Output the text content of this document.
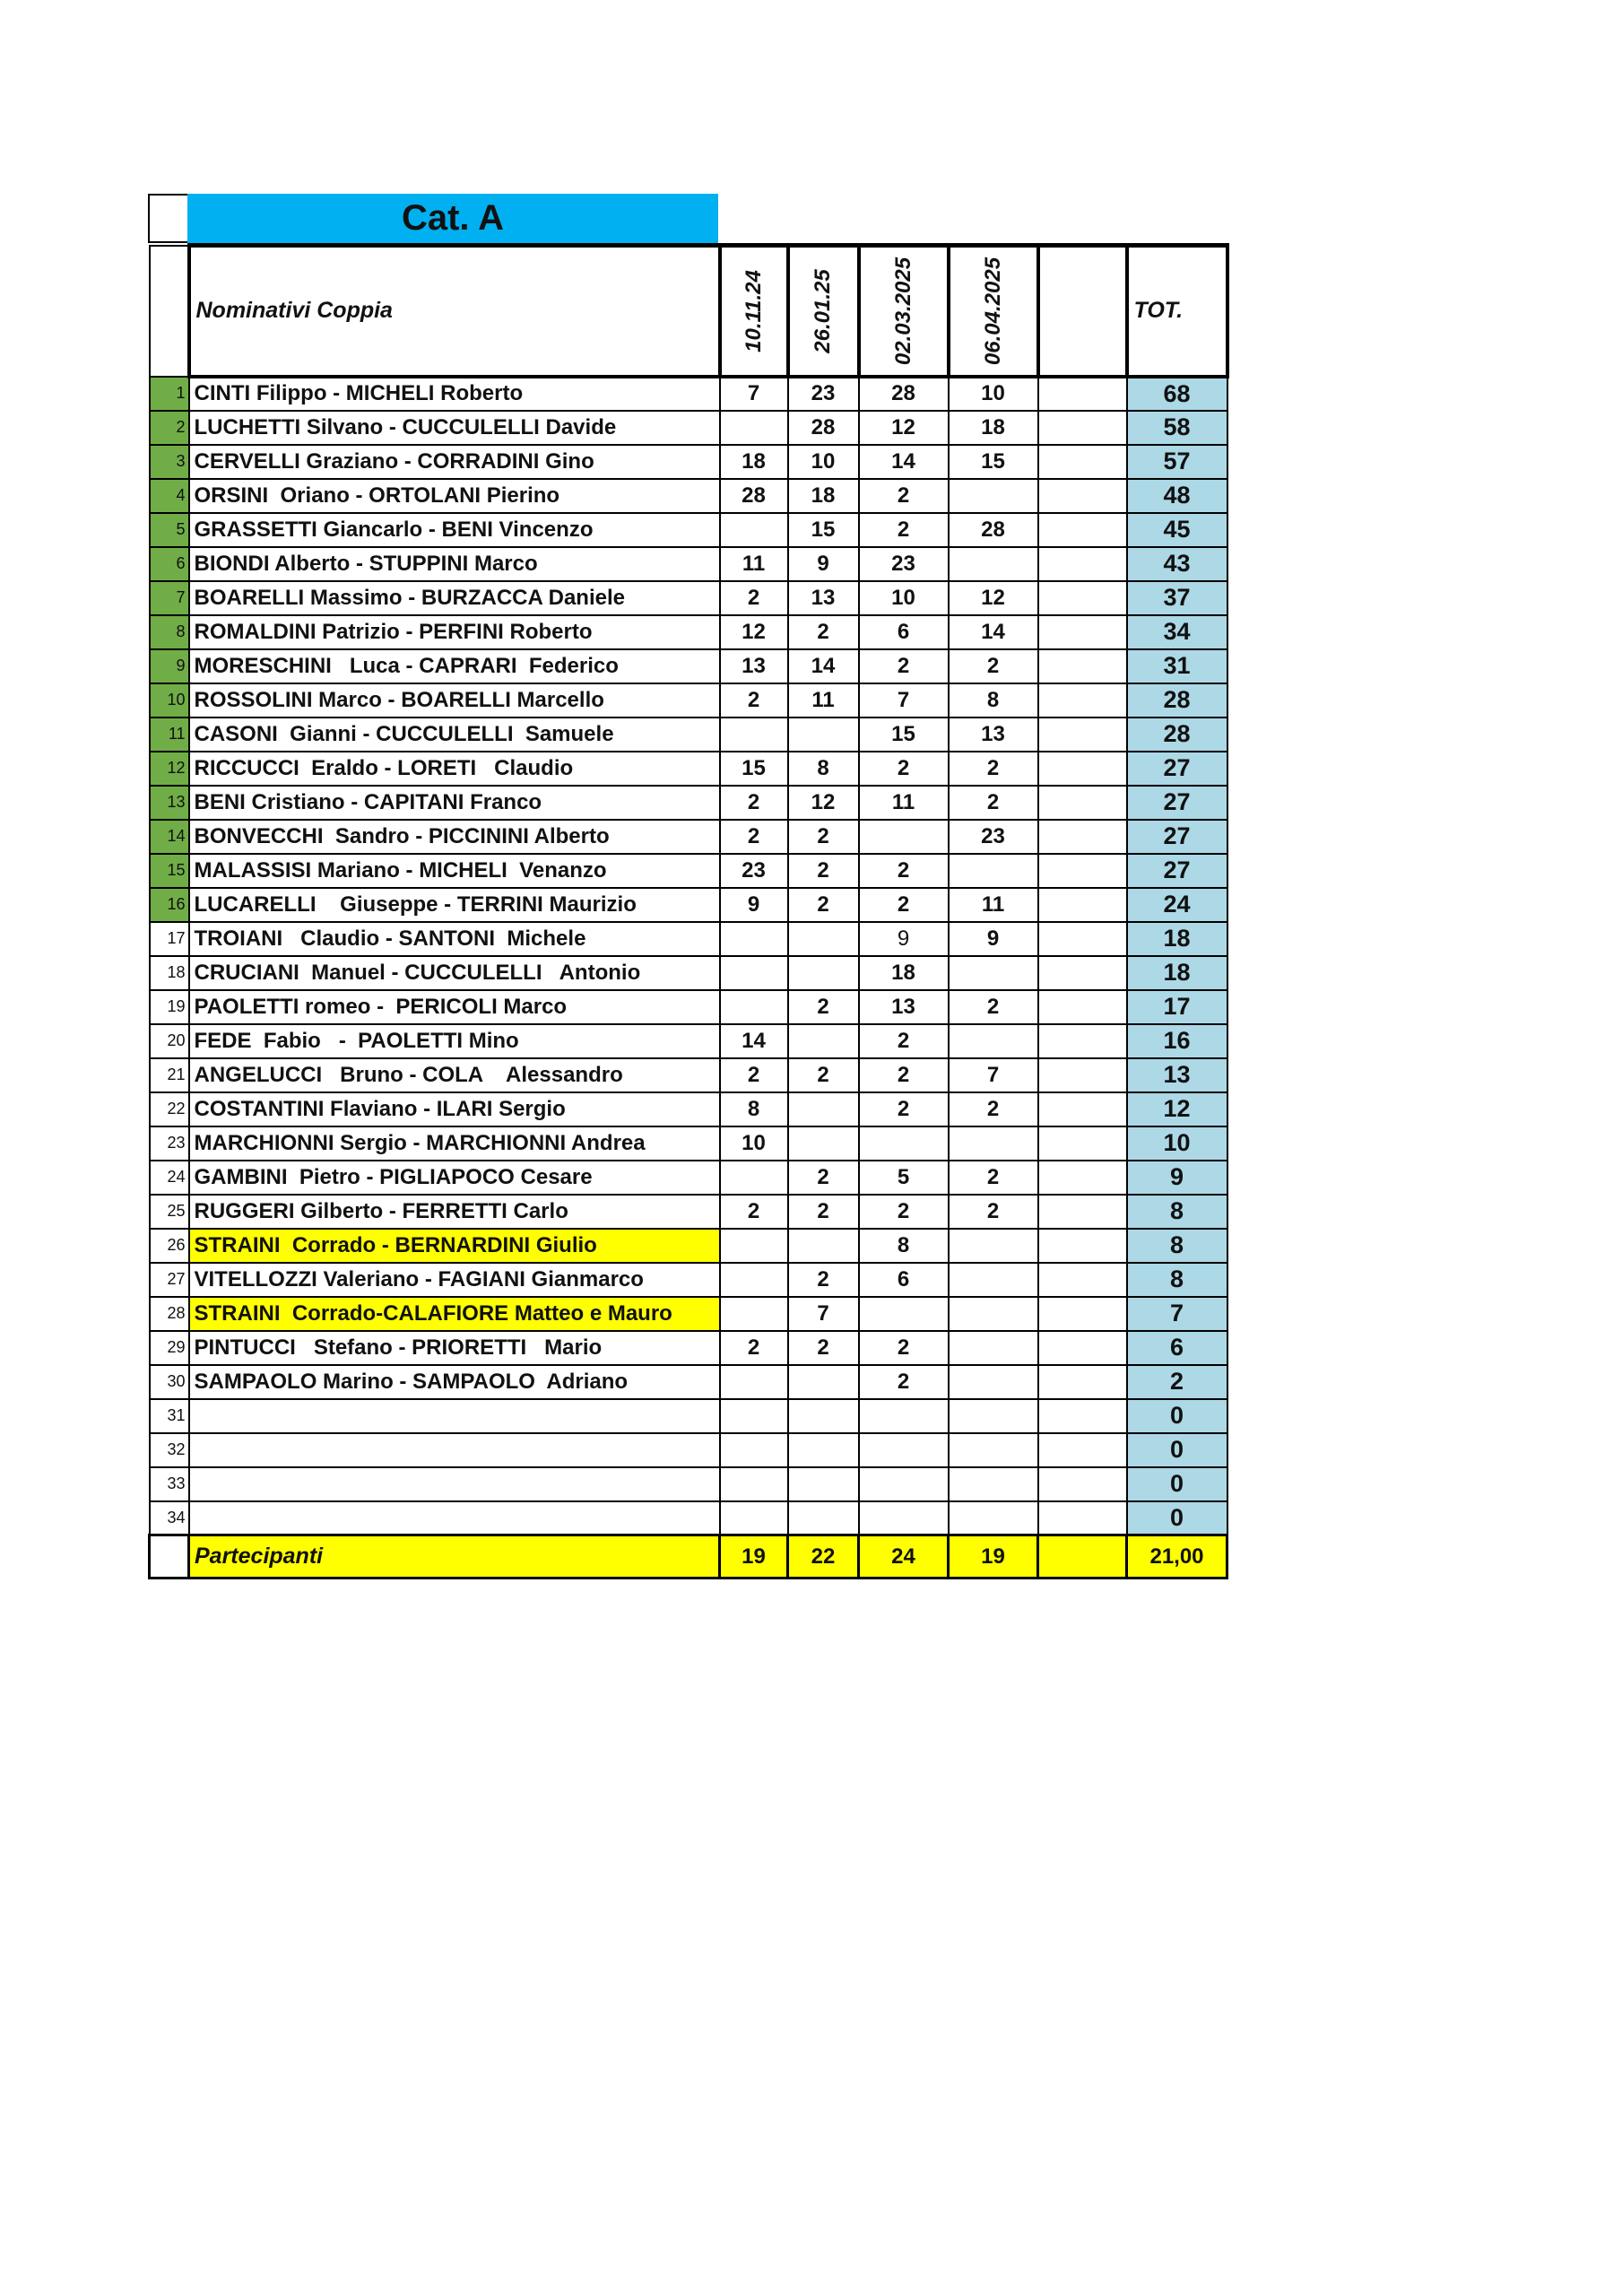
Cat. A
	Nominativi Coppia	10.11.24	26.01.25	02.03.2025	06.04.2025		TOT.
1	CINTI Filippo - MICHELI Roberto	7	23	28	10		68
2	LUCHETTI Silvano - CUCCULELLI Davide		28	12	18		58
3	CERVELLI Graziano - CORRADINI Gino	18	10	14	15		57
4	ORSINI  Oriano - ORTOLANI Pierino	28	18	2			48
5	GRASSETTI Giancarlo - BENI Vincenzo		15	2	28		45
6	BIONDI Alberto - STUPPINI Marco	11	9	23			43
7	BOARELLI Massimo - BURZACCA Daniele	2	13	10	12		37
8	ROMALDINI Patrizio - PERFINI Roberto	12	2	6	14		34
9	MORESCHINI   Luca - CAPRARI  Federico	13	14	2	2		31
10	ROSSOLINI Marco - BOARELLI Marcello	2	11	7	8		28
11	CASONI  Gianni - CUCCULELLI  Samuele			15	13		28
12	RICCUCCI  Eraldo - LORETI   Claudio	15	8	2	2		27
13	BENI Cristiano - CAPITANI Franco	2	12	11	2		27
14	BONVECCHI  Sandro - PICCININI Alberto	2	2		23		27
15	MALASSISI Mariano - MICHELI  Venanzo	23	2	2			27
16	LUCARELLI    Giuseppe - TERRINI Maurizio	9	2	2	11		24
17	TROIANI   Claudio - SANTONI  Michele			9	9		18
18	CRUCIANI  Manuel - CUCCULELLI   Antonio			18			18
19	PAOLETTI romeo -  PERICOLI Marco		2	13	2		17
20	FEDE  Fabio   -  PAOLETTI Mino	14		2			16
21	ANGELUCCI   Bruno - COLA    Alessandro	2	2	2	7		13
22	COSTANTINI Flaviano - ILARI Sergio	8		2	2		12
23	MARCHIONNI Sergio - MARCHIONNI Andrea	10					10
24	GAMBINI  Pietro - PIGLIAPOCO Cesare		2	5	2		9
25	RUGGERI Gilberto - FERRETTI Carlo	2	2	2	2		8
26	STRAINI  Corrado - BERNARDINI Giulio			8			8
27	VITELLOZZI Valeriano - FAGIANI Gianmarco		2	6			8
28	STRAINI  Corrado-CALAFIORE Matteo e Mauro		7				7
29	PINTUCCI   Stefano - PRIORETTI   Mario	2	2	2			6
30	SAMPAOLO Marino - SAMPAOLO  Adriano			2			2
31							0
32							0
33							0
34							0
	Partecipanti	19	22	24	19		21,00
